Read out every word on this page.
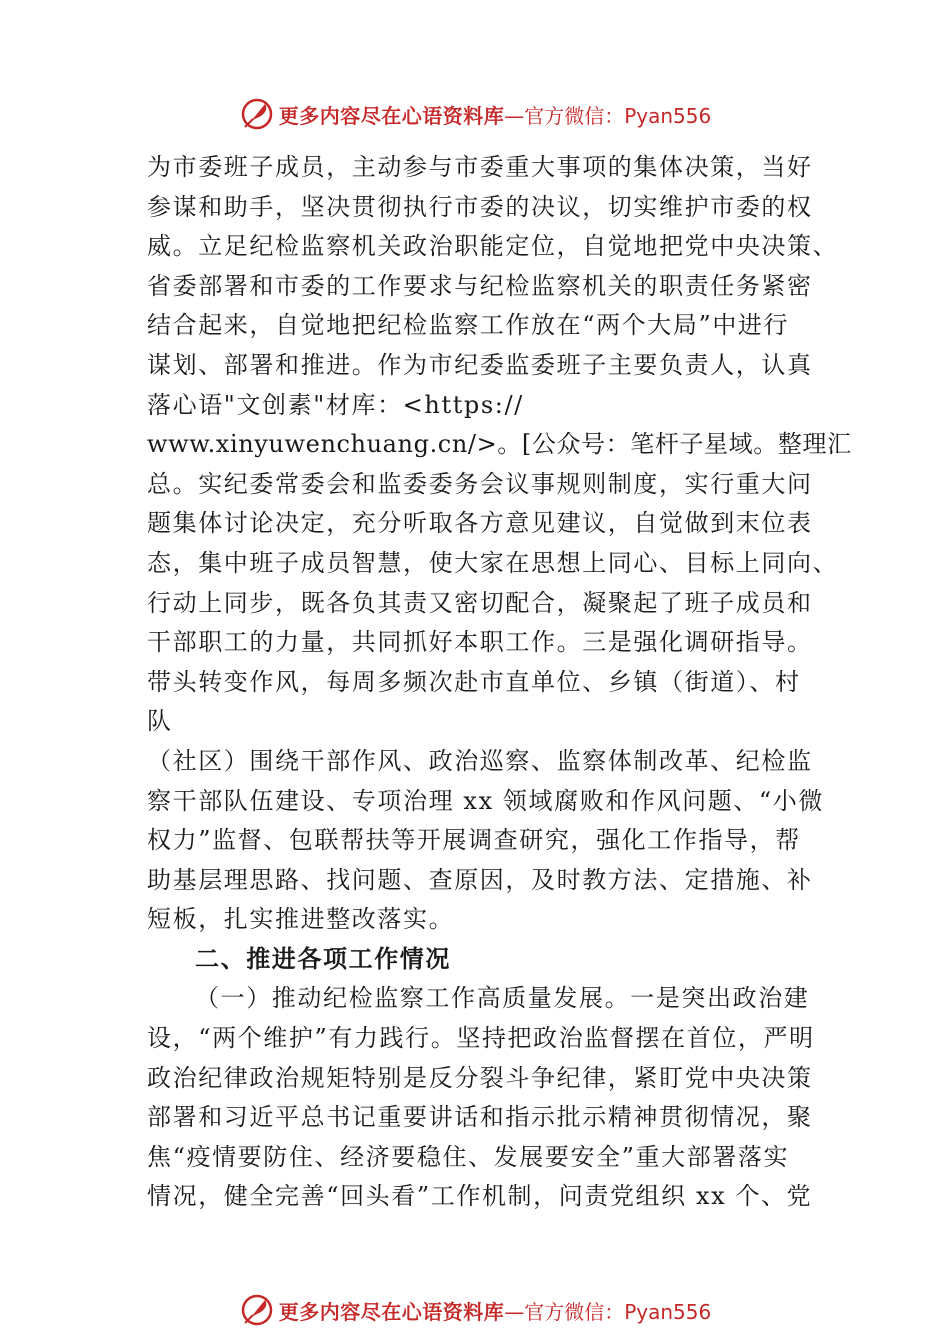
更多内容尽在心语资料库 —官方微信：Pyan556
为市委班子成员，主动参与市委重大事项的集体决策，当好
参谋和助手，坚决贯彻执行市委的决议，切实维护市委的权
威。立足纪检监察机关政治职能定位，自觉地把党中央决策、
省委部署和市委的工作要求与纪检监察机关的职责任务紧密
结合起来，自觉地把纪检监察工作放在“两个大局”中进行
谋划、部署和推进。作为市纪委监委班子主要负责人，认真
落心语"文创素"材库：<https://
www.xinyuwenchuang.cn/>。[公众号：笔杆子星域。整理汇
总。实纪委常委会和监委委务会议事规则制度，实行重大问
题集体讨论决定，充分听取各方意见建议，自觉做到末位表
态，集中班子成员智慧，使大家在思想上同心、目标上同向、
行动上同步，既各负其责又密切配合，凝聚起了班子成员和
干部职工的力量，共同抓好本职工作。三是强化调研指导。
带头转变作风，每周多频次赴市直单位、乡镇（街道）、村
队
（社区）围绕干部作风、政治巡察、监察体制改革、纪检监
察干部队伍建设、专项治理 xx 领域腐败和作风问题、“小微
权力”监督、包联帮扶等开展调查研究，强化工作指导，帮
助基层理思路、找问题、查原因，及时教方法、定措施、补
短板，扎实推进整改落实。
二、推进各项工作情况
（一）推动纪检监察工作高质量发展。一是突出政治建
设，“两个维护”有力践行。坚持把政治监督摆在首位，严明
政治纪律政治规矩特别是反分裂斗争纪律，紧盯党中央决策
部署和习近平总书记重要讲话和指示批示精神贯彻情况，聚
焦“疫情要防住、经济要稳住、发展要安全”重大部署落实
情况，健全完善“回头看”工作机制，问责党组织 xx 个、党
更多内容尽在心语资料库 —官方微信：Pyan556
